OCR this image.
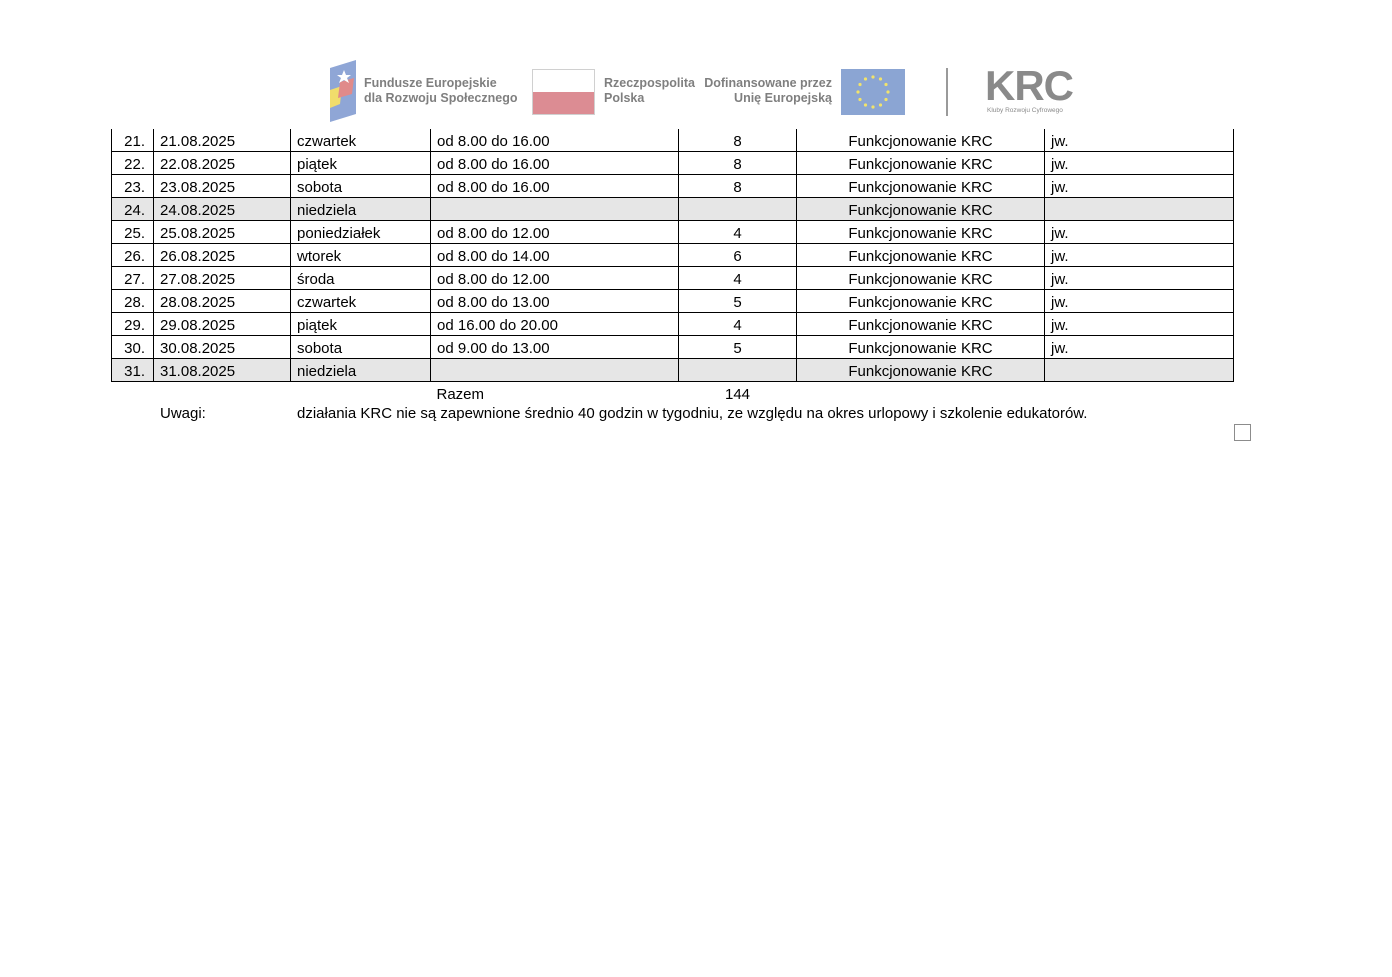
Fundusze Europejskie
dla Rozwoju Społecznego
Rzeczpospolita
Polska
Dofinansowane przez
Unię Europejską	KRC
Kluby Rozwoju Cyfrowego
21.	21.08.2025	czwartek	od 8.00 do 16.00	8	Funkcjonowanie KRC	jw.
22.	22.08.2025	piątek	od 8.00 do 16.00	8	Funkcjonowanie KRC	jw.
23.	23.08.2025	sobota	od 8.00 do 16.00	8	Funkcjonowanie KRC	jw.
24.	24.08.2025	niedziela			Funkcjonowanie KRC	
25.	25.08.2025	poniedziałek	od 8.00 do 12.00	4	Funkcjonowanie KRC	jw.
26.	26.08.2025	wtorek	od 8.00 do 14.00	6	Funkcjonowanie KRC	jw.
27.	27.08.2025	środa	od 8.00 do 12.00	4	Funkcjonowanie KRC	jw.
28.	28.08.2025	czwartek	od 8.00 do 13.00	5	Funkcjonowanie KRC	jw.
29.	29.08.2025	piątek	od 16.00 do 20.00	4	Funkcjonowanie KRC	jw.
30.	30.08.2025	sobota	od 9.00 do 13.00	5	Funkcjonowanie KRC	jw.
31.	31.08.2025	niedziela			Funkcjonowanie KRC	
			Razem	144		
Uwagi:	działania KRC nie są zapewnione średnio 40 godzin w tygodniu, ze względu na okres urlopowy i szkolenie edukatorów.
